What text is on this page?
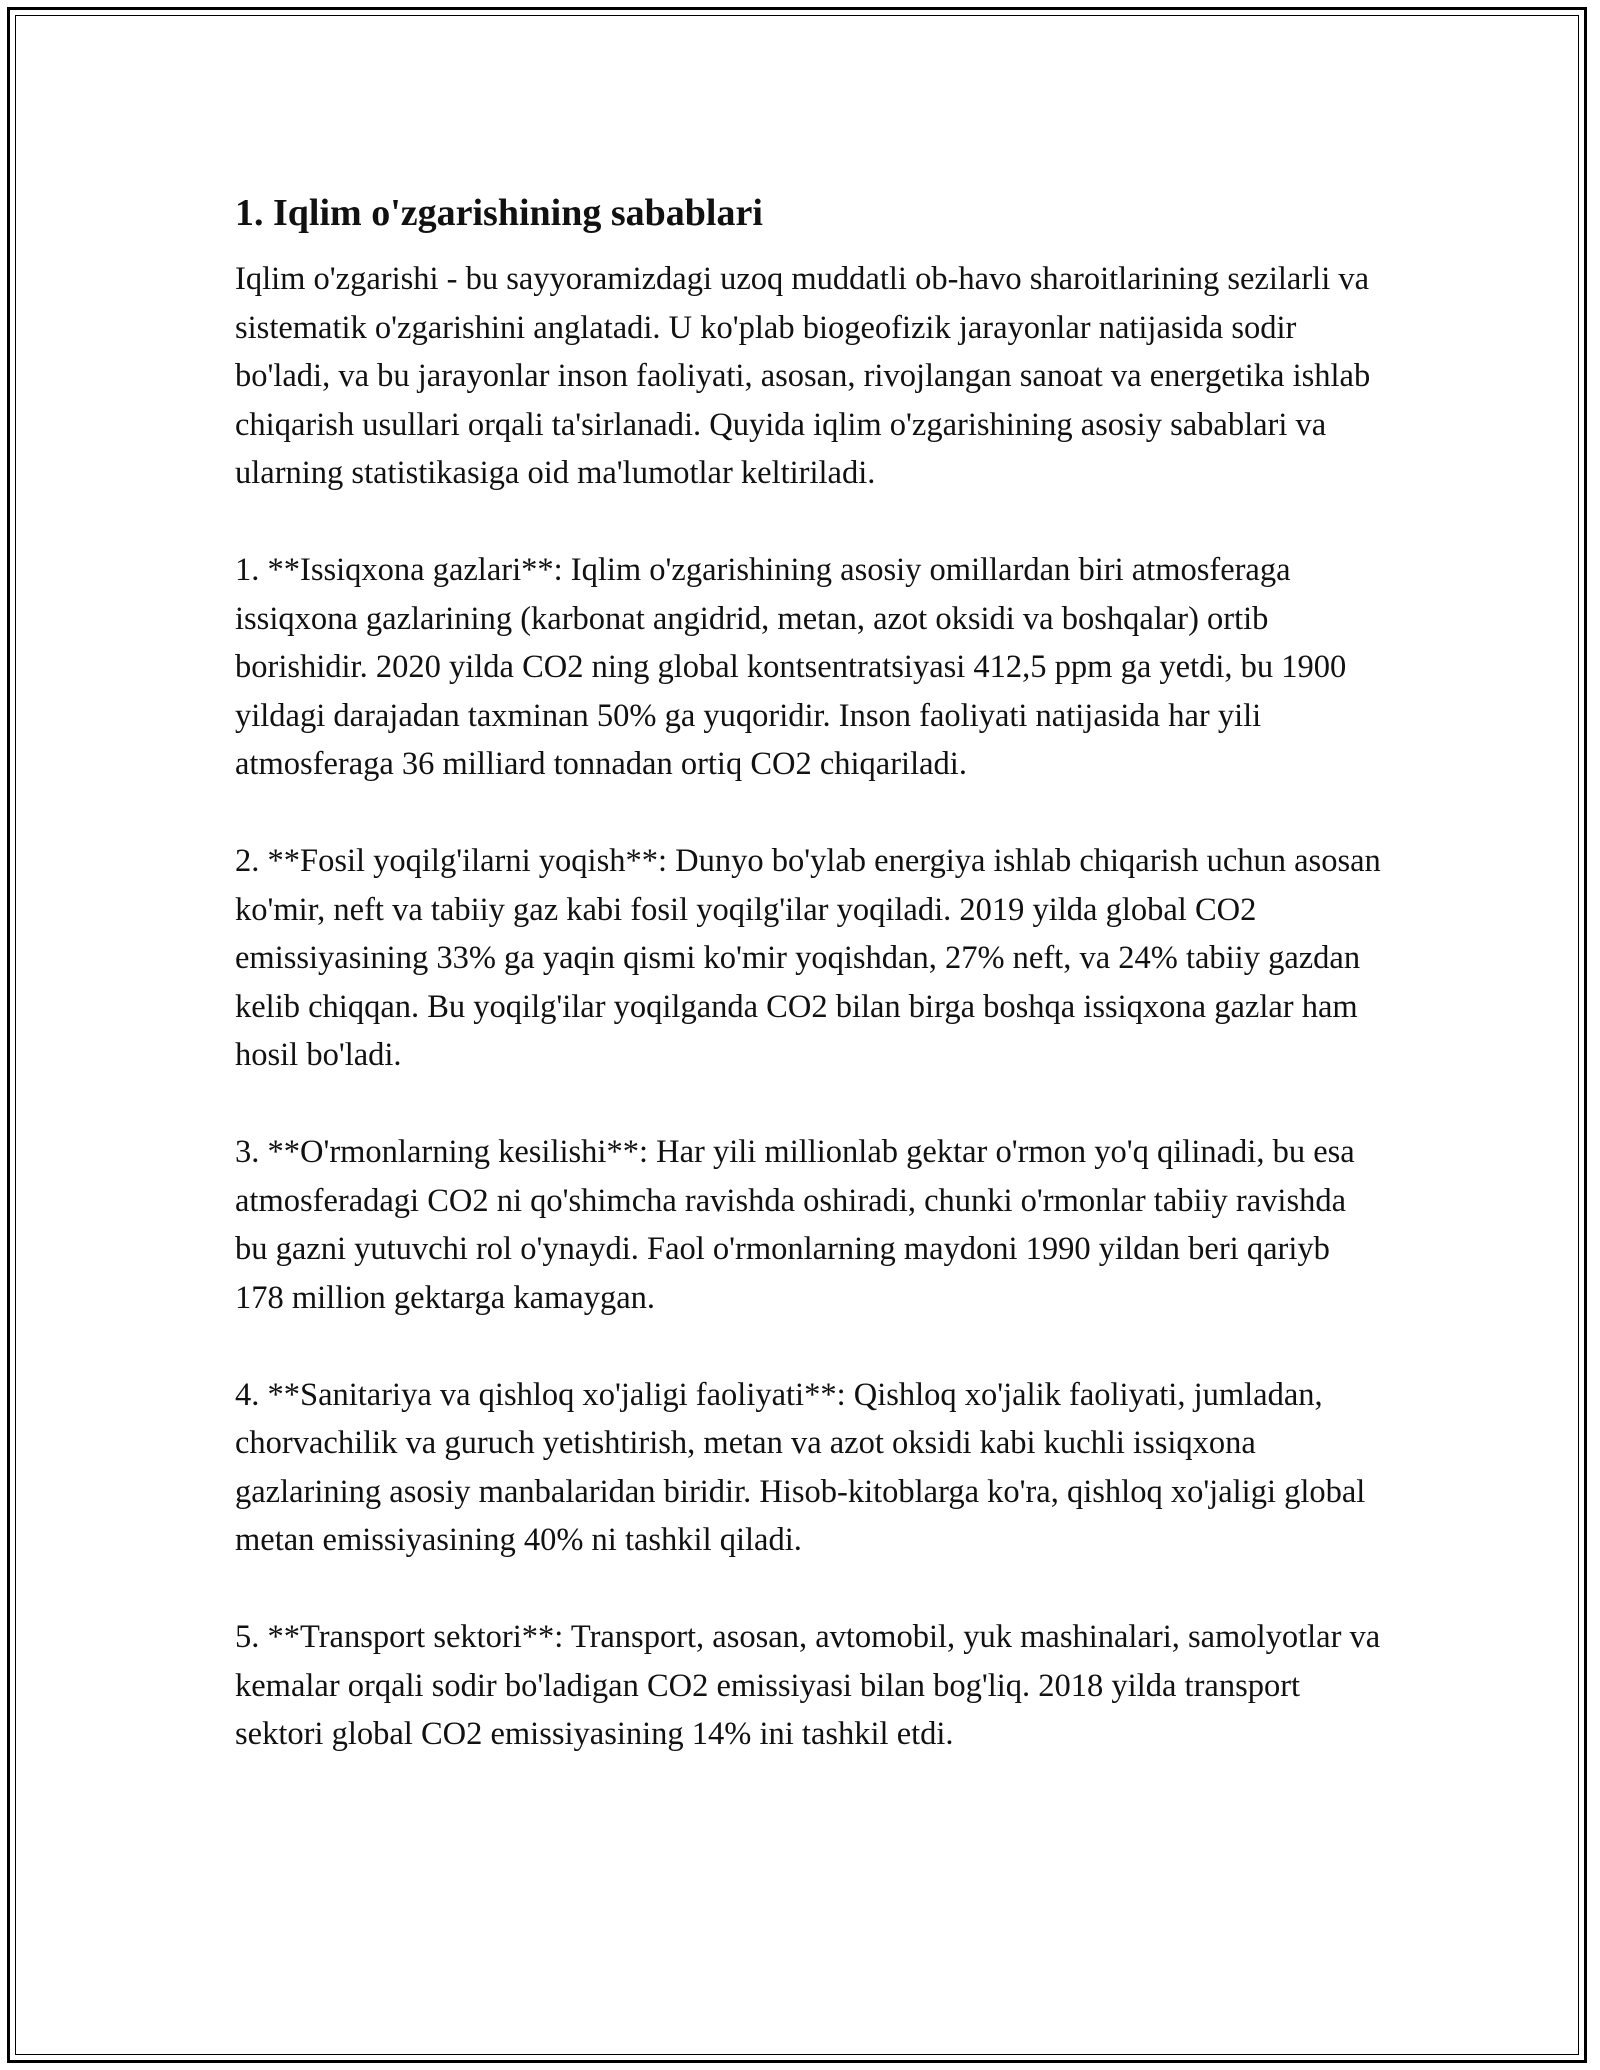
1. Iqlim o'zgarishining sabablari

Iqlim o'zgarishi - bu sayyoramizdagi uzoq muddatli ob-havo sharoitlarining sezilarli va sistematik o'zgarishini anglatadi. U ko'plab biogeofizik jarayonlar natijasida sodir bo'ladi, va bu jarayonlar inson faoliyati, asosan, rivojlangan sanoat va energetika ishlab chiqarish usullari orqali ta'sirlanadi. Quyida iqlim o'zgarishining asosiy sabablari va ularning statistikasiga oid ma'lumotlar keltiriladi.

1. **Issiqxona gazlari**: Iqlim o'zgarishining asosiy omillardan biri atmosferaga issiqxona gazlarining (karbonat angidrid, metan, azot oksidi va boshqalar) ortib borishidir. 2020 yilda CO2 ning global kontsentratsiyasi 412,5 ppm ga yetdi, bu 1900 yildagi darajadan taxminan 50% ga yuqoridir. Inson faoliyati natijasida har yili atmosferaga 36 milliard tonnadan ortiq CO2 chiqariladi.

2. **Fosil yoqilg'ilarni yoqish**: Dunyo bo'ylab energiya ishlab chiqarish uchun asosan ko'mir, neft va tabiiy gaz kabi fosil yoqilg'ilar yoqiladi. 2019 yilda global CO2 emissiyasining 33% ga yaqin qismi ko'mir yoqishdan, 27% neft, va 24% tabiiy gazdan kelib chiqqan. Bu yoqilg'ilar yoqilganda CO2 bilan birga boshqa issiqxona gazlar ham hosil bo'ladi.

3. **O'rmonlarning kesilishi**: Har yili millionlab gektar o'rmon yo'q qilinadi, bu esa atmosferadagi CO2 ni qo'shimcha ravishda oshiradi, chunki o'rmonlar tabiiy ravishda bu gazni yutuvchi rol o'ynaydi. Faol o'rmonlarning maydoni 1990 yildan beri qariyb 178 million gektarga kamaygan.

4. **Sanitariya va qishloq xo'jaligi faoliyati**: Qishloq xo'jalik faoliyati, jumladan, chorvachilik va guruch yetishtirish, metan va azot oksidi kabi kuchli issiqxona gazlarining asosiy manbalaridan biridir. Hisob-kitoblarga ko'ra, qishloq xo'jaligi global metan emissiyasining 40% ni tashkil qiladi.

5. **Transport sektori**: Transport, asosan, avtomobil, yuk mashinalari, samolyotlar va kemalar orqali sodir bo'ladigan CO2 emissiyasi bilan bog'liq. 2018 yilda transport sektori global CO2 emissiyasining 14% ini tashkil etdi.
